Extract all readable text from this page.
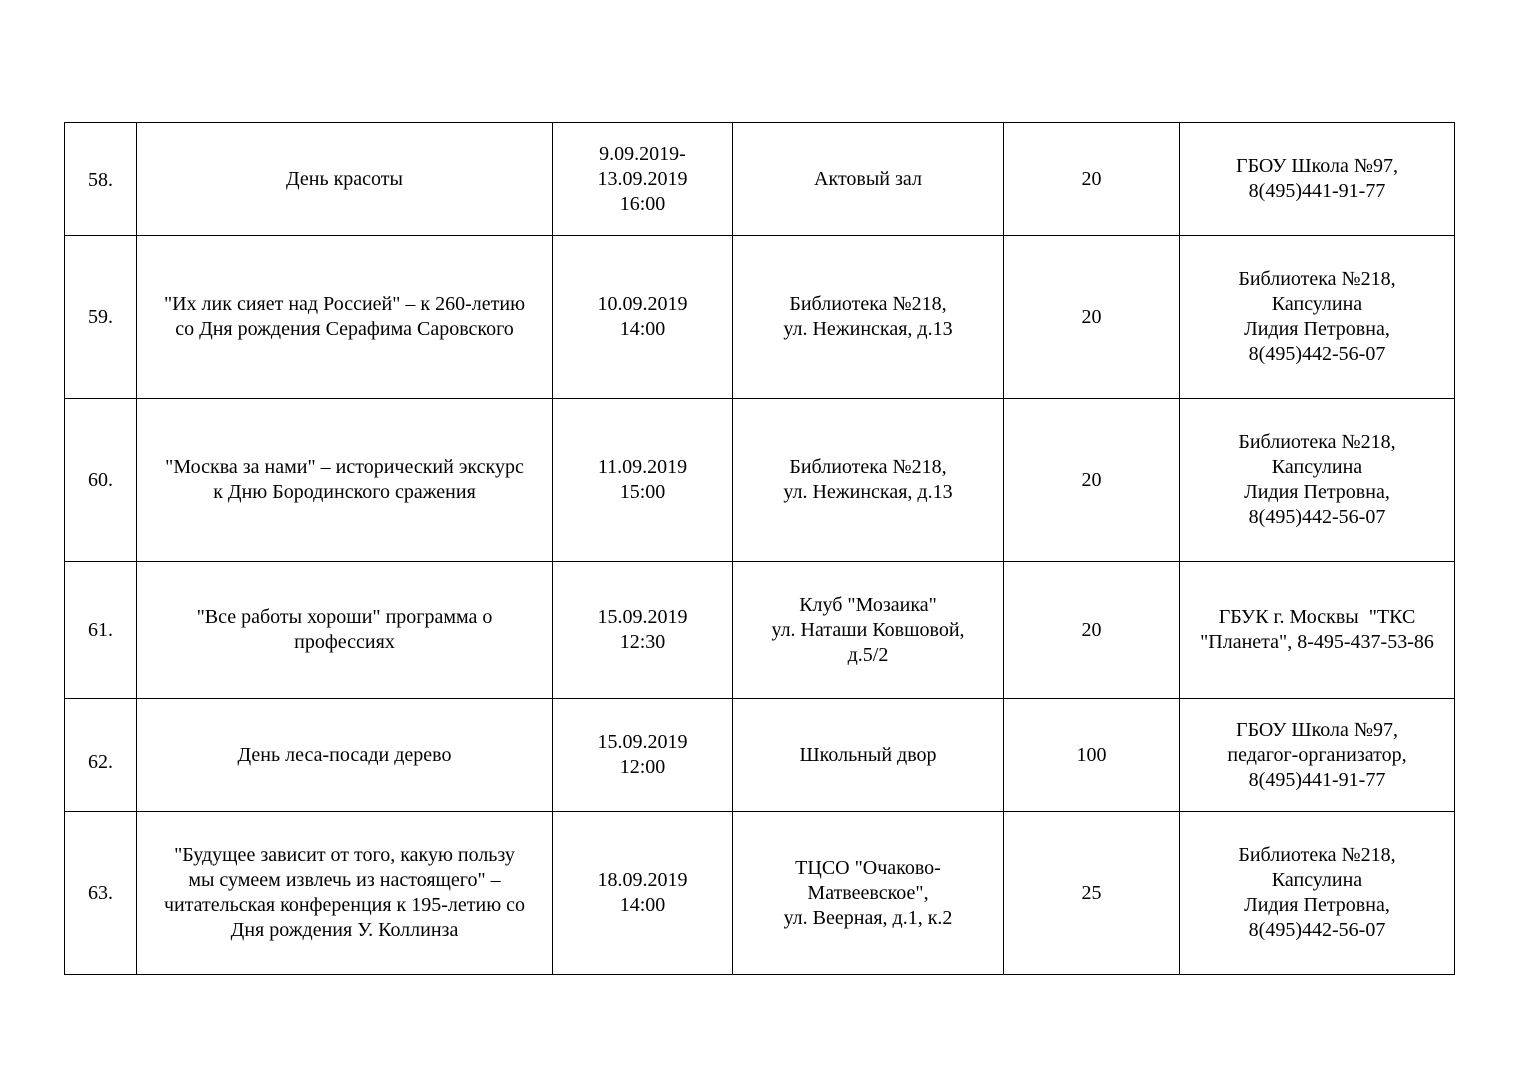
58.	День красоты	9.09.2019-
13.09.2019
16:00	Актовый зал	20	ГБОУ Школа №97,
8(495)441-91-77

59.	"Их лик сияет над Россией" – к 260-летию
со Дня рождения Серафима Саровского	10.09.2019
14:00	Библиотека №218,
ул. Нежинская, д.13	20	Библиотека №218,
Капсулина
Лидия Петровна,
8(495)442-56-07

60.	"Москва за нами" – исторический экскурс
к Дню Бородинского сражения	11.09.2019
15:00	Библиотека №218,
ул. Нежинская, д.13	20	Библиотека №218,
Капсулина
Лидия Петровна,
8(495)442-56-07

61.	"Все работы хороши" программа о
профессиях	15.09.2019
12:30	Клуб "Мозаика"
ул. Наташи Ковшовой,
д.5/2	20	ГБУК г. Москвы  "ТКС
"Планета", 8-495-437-53-86

62.	День леса-посади дерево	15.09.2019
12:00	Школьный двор	100	ГБОУ Школа №97,
педагог-организатор,
8(495)441-91-77

63.	"Будущее зависит от того, какую пользу
мы сумеем извлечь из настоящего" –
читательская конференция к 195-летию со
Дня рождения У. Коллинза	18.09.2019
14:00	ТЦСО "Очаково-
Матвеевское",
ул. Веерная, д.1, к.2	25	Библиотека №218,
Капсулина
Лидия Петровна,
8(495)442-56-07
